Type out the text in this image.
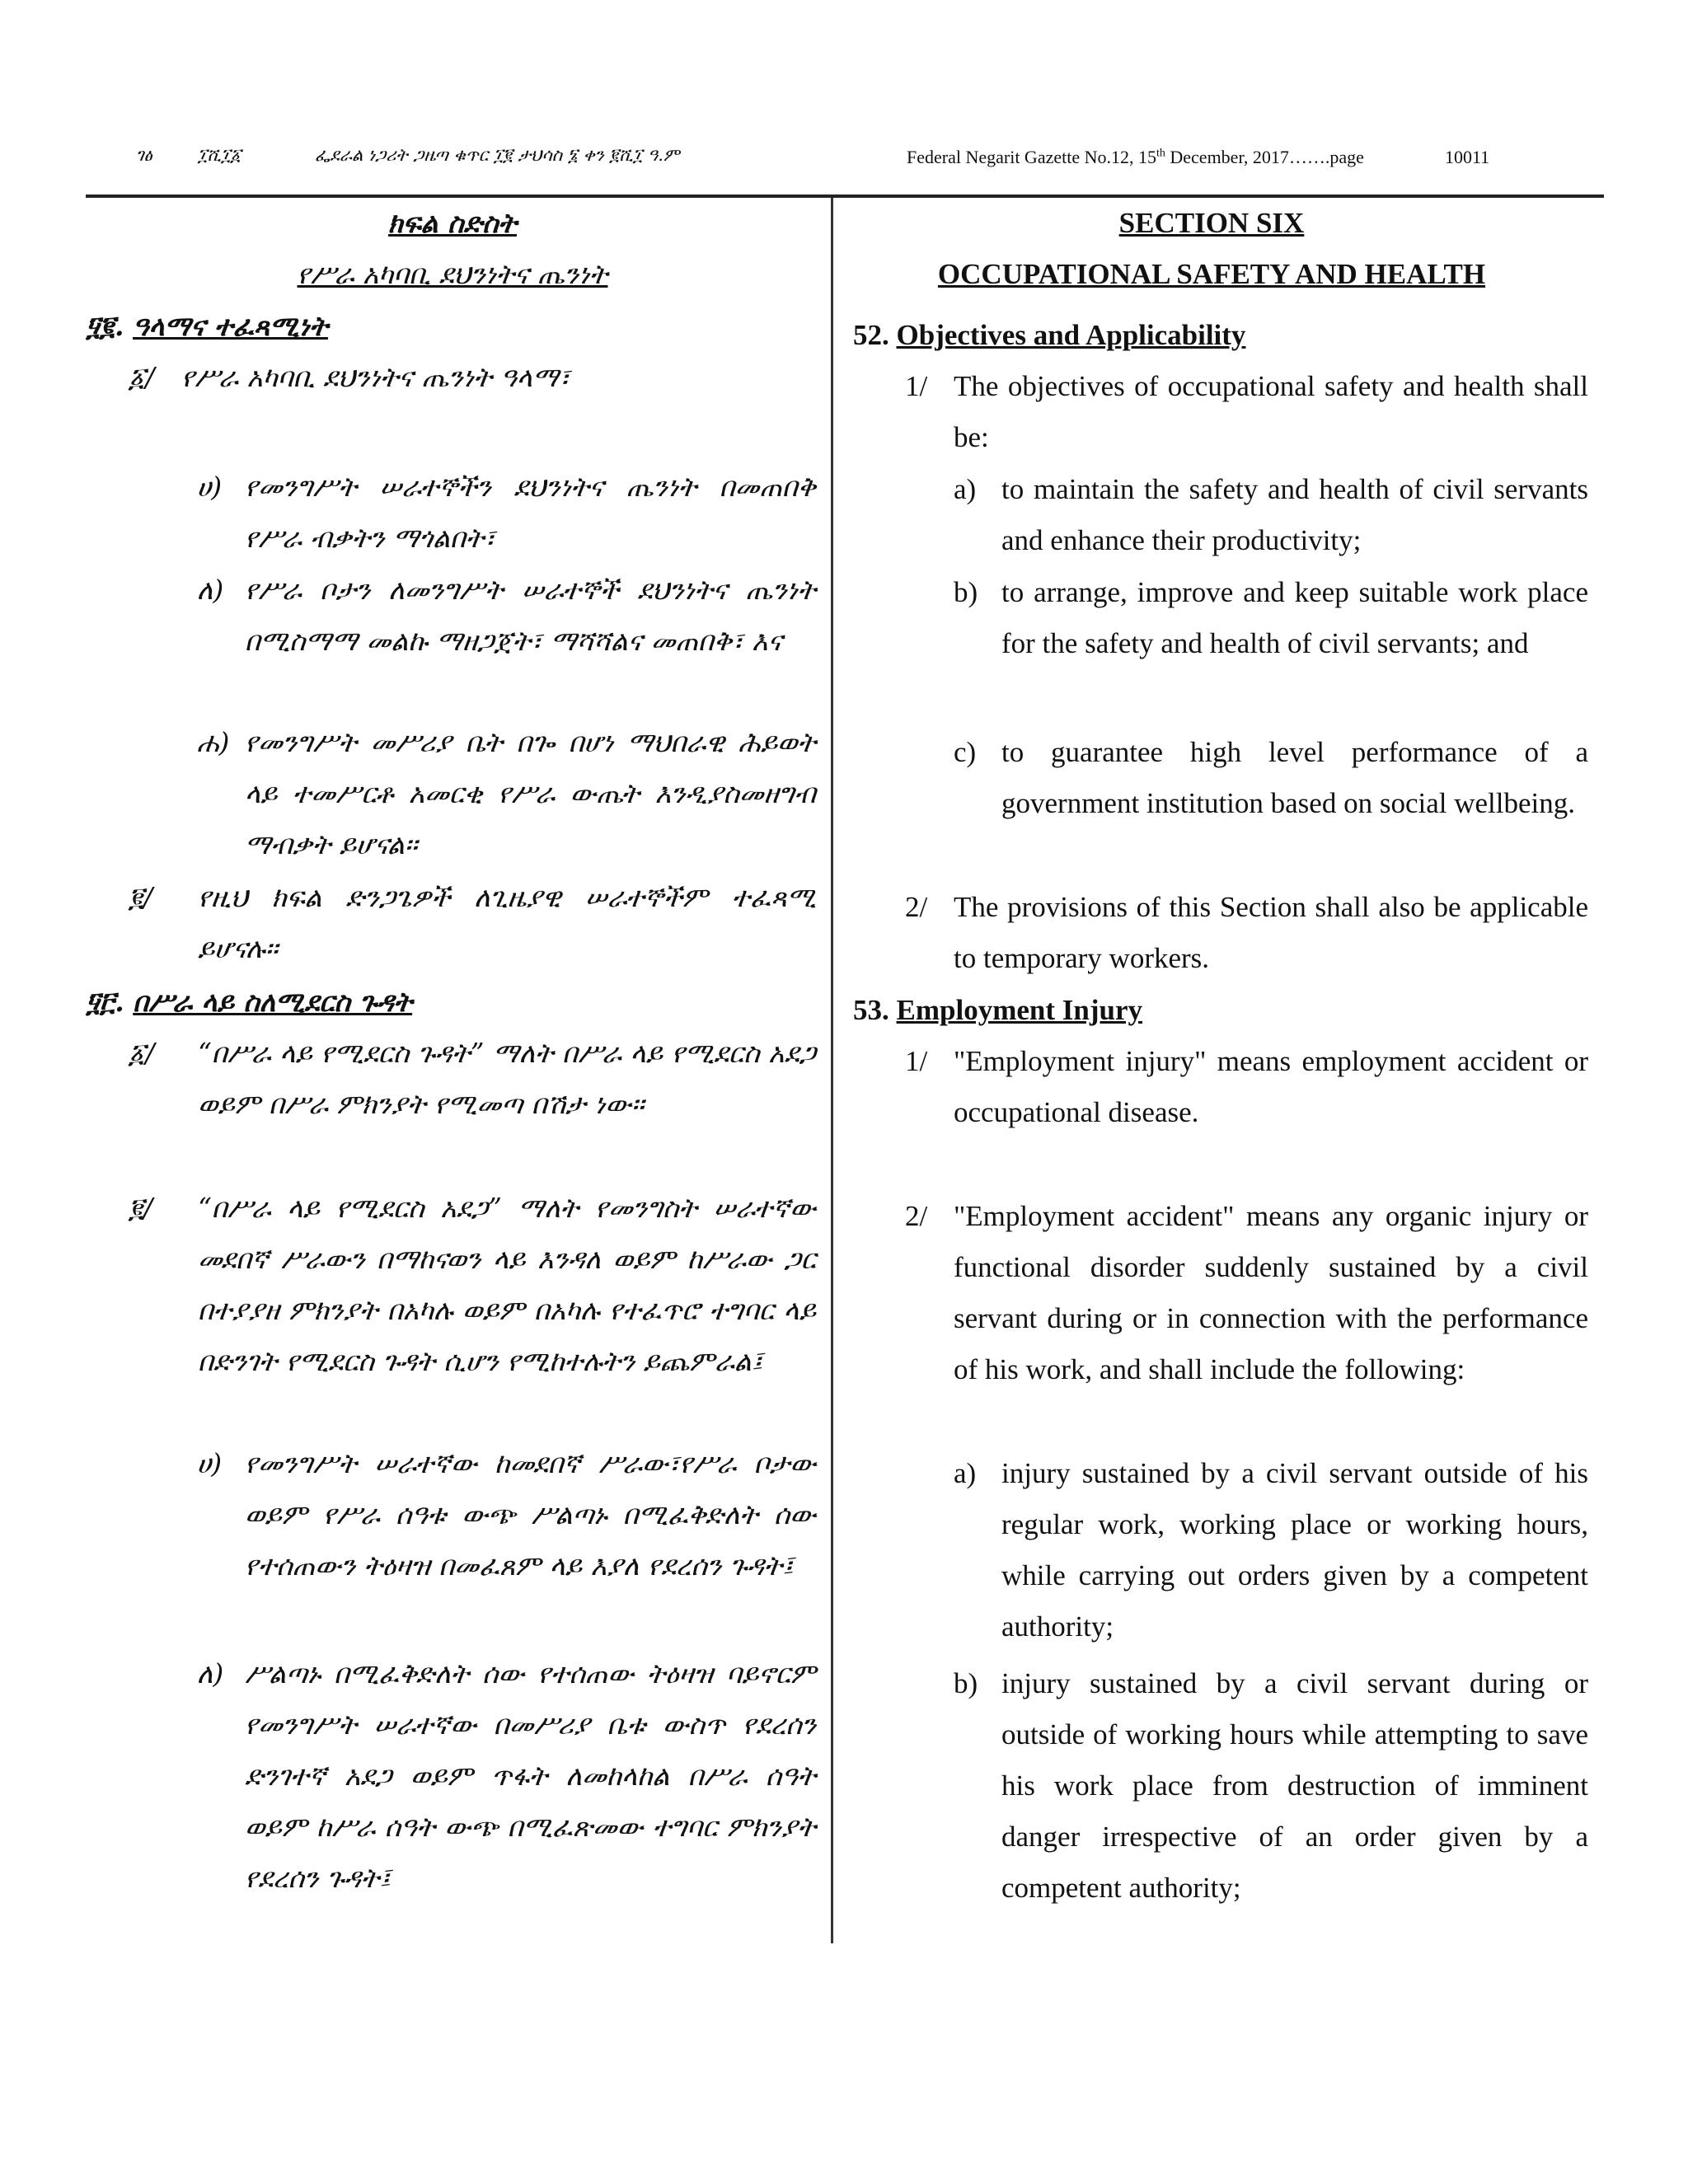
ገፅ	፲ሺ፲፩	ፌደራል ነጋሪት ጋዜጣ ቁጥር ፲፪ ታህሳስ ፮ ቀን ፪ሺ፲ ዓ.ም	Federal Negarit Gazette No.12, 15th December, 2017…….page	10011
ክፍል ስድስት
የሥራ አካባቢ ደህንነትና ጤንነት
፶፪. ዓላማና ተፈጻሚነት
፩/ የሥራ አካባቢ ደህንነትና ጤንነት ዓላማ፣
ሀ) የመንግሥት ሠራተኞችን ደህንነትና ጤንነት በመጠበቅ የሥራ ብቃትን ማጎልበት፣
ለ) የሥራ ቦታን ለመንግሥት ሠራተኞች ደህንነትና ጤንነት በሚስማማ መልኩ ማዘጋጀት፣ ማሻሻልና መጠበቅ፣ እና
ሐ) የመንግሥት መሥሪያ ቤት በጐ በሆነ ማህበራዊ ሕይወት ላይ ተመሥርቶ አመርቂ የሥራ ውጤት እንዲያስመዘግብ ማብቃት ይሆናል፡፡
፪/ የዚህ ክፍል ድንጋጌዎች ለጊዜያዊ ሠራተኞችም ተፈጻሚ ይሆናሉ፡፡
፶፫. በሥራ ላይ ስለሚደርስ ጉዳት
፩/ “በሥራ ላይ የሚደርስ ጉዳት” ማለት በሥራ ላይ የሚደርስ አደጋ ወይም በሥራ ምክንያት የሚመጣ በሽታ ነው፡፡
፪/ “በሥራ ላይ የሚደርስ አደጋ” ማለት የመንግስት ሠራተኛው መደበኛ ሥራውን በማከናወን ላይ እንዳለ ወይም ከሥራው ጋር በተያያዘ ምክንያት በአካሉ ወይም በአካሉ የተፈጥሮ ተግባር ላይ በድንገት የሚደርስ ጉዳት ሲሆን የሚከተሉትን ይጨምራል፤
ሀ) የመንግሥት ሠራተኛው ከመደበኛ ሥራው፣የሥራ ቦታው ወይም የሥራ ሰዓቱ ውጭ ሥልጣኑ በሚፈቅድለት ሰው የተሰጠውን ትዕዛዝ በመፈጸም ላይ እያለ የደረሰን ጉዳት፤
ለ) ሥልጣኑ በሚፈቅድለት ሰው የተሰጠው ትዕዛዝ ባይኖርም የመንግሥት ሠራተኛው በመሥሪያ ቤቱ ውስጥ የደረሰን ድንገተኛ አደጋ ወይም ጥፋት ለመከላከል በሥራ ሰዓት ወይም ከሥራ ሰዓት ውጭ በሚፈጽመው ተግባር ምክንያት የደረሰን ጉዳት፤
SECTION SIX
OCCUPATIONAL SAFETY AND HEALTH
52. Objectives and Applicability
1/ The objectives of occupational safety and health shall be:
a) to maintain the safety and health of civil servants and enhance their productivity;
b) to arrange, improve and keep suitable work place for the safety and health of civil servants; and
c) to guarantee high level performance of a government institution based on social wellbeing.
2/ The provisions of this Section shall also be applicable to temporary workers.
53. Employment Injury
1/ "Employment injury" means employment accident or occupational disease.
2/ "Employment accident" means any organic injury or functional disorder suddenly sustained by a civil servant during or in connection with the performance of his work, and shall include the following:
a) injury sustained by a civil servant outside of his regular work, working place or working hours, while carrying out orders given by a competent authority;
b) injury sustained by a civil servant during or outside of working hours while attempting to save his work place from destruction of imminent danger irrespective of an order given by a competent authority;
